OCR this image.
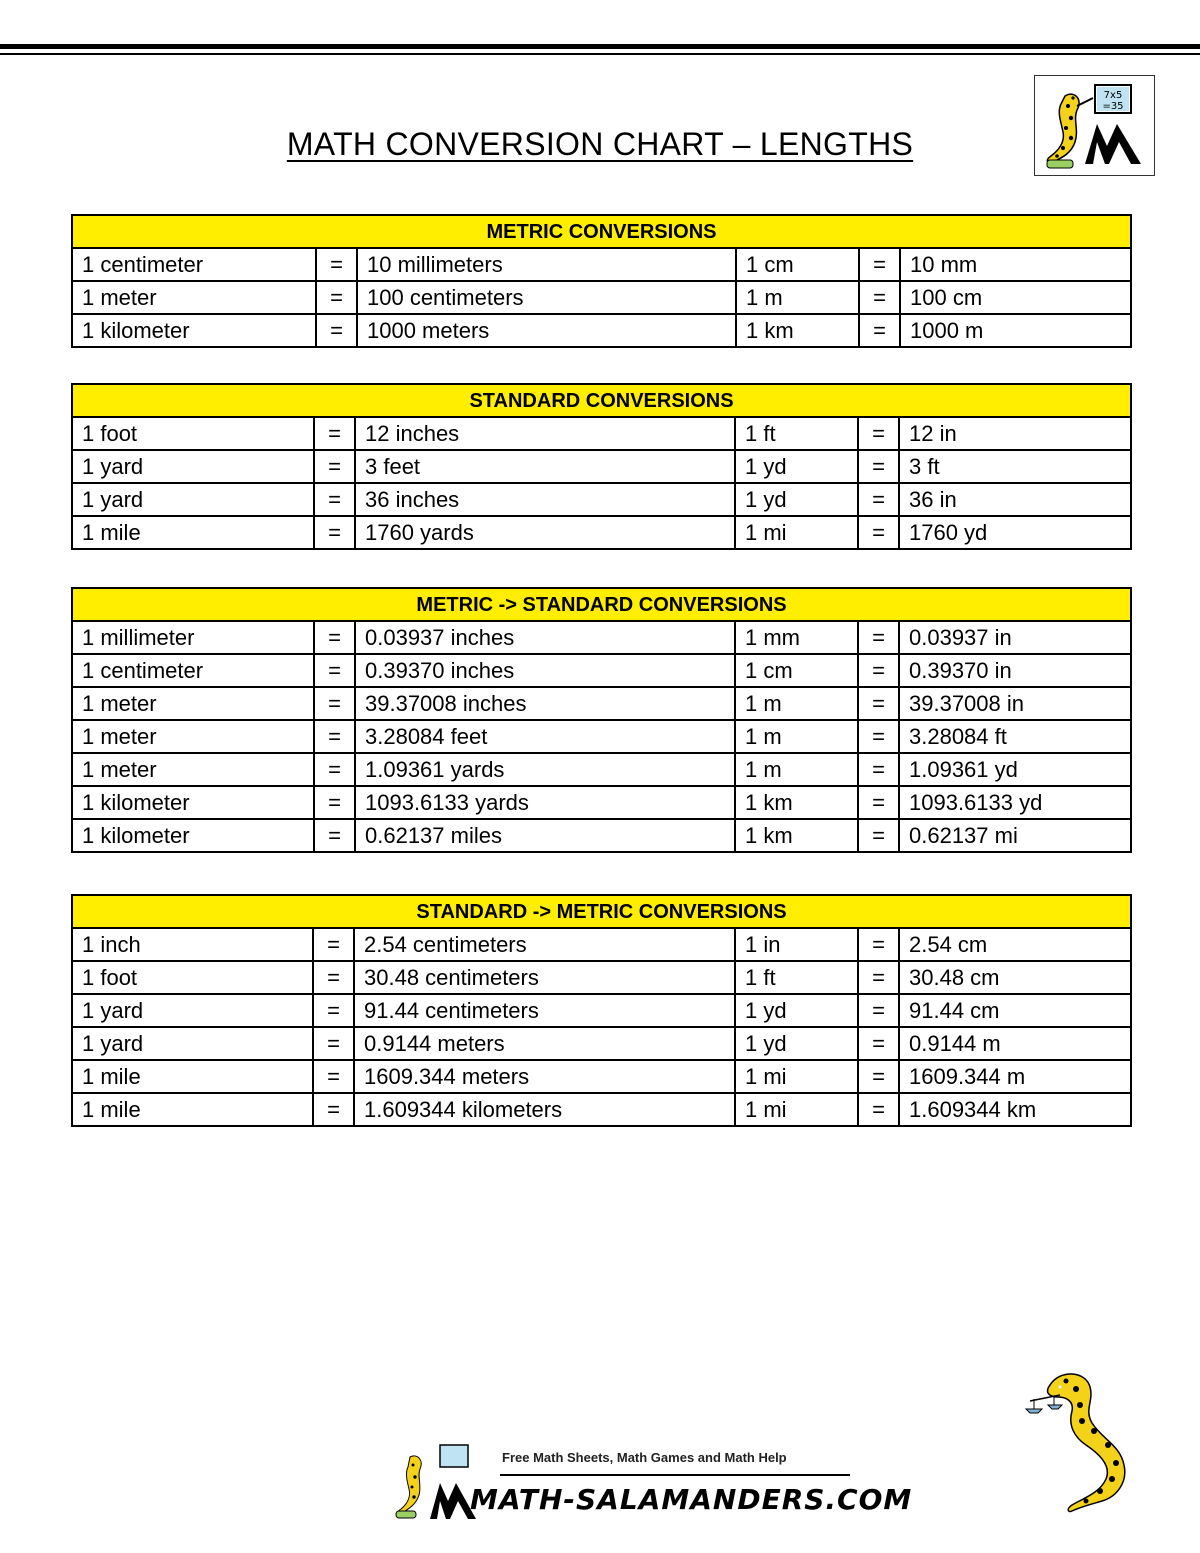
MATH CONVERSION CHART – LENGTHS
7x5
=35
METRIC CONVERSIONS					
1 centimeter	=	10 millimeters	1 cm	=	10 mm
1 meter	=	100 centimeters	1 m	=	100 cm
1 kilometer	=	1000 meters	1 km	=	1000 m
STANDARD CONVERSIONS					
1 foot	=	12 inches	1 ft	=	12 in
1 yard	=	3 feet	1 yd	=	3 ft
1 yard	=	36 inches	1 yd	=	36 in
1 mile	=	1760 yards	1 mi	=	1760 yd
METRIC -> STANDARD CONVERSIONS					
1 millimeter	=	0.03937 inches	1 mm	=	0.03937 in
1 centimeter	=	0.39370 inches	1 cm	=	0.39370 in
1 meter	=	39.37008 inches	1 m	=	39.37008 in
1 meter	=	3.28084 feet	1 m	=	3.28084 ft
1 meter	=	1.09361 yards	1 m	=	1.09361 yd
1 kilometer	=	1093.6133 yards	1 km	=	1093.6133 yd
1 kilometer	=	0.62137 miles	1 km	=	0.62137 mi
STANDARD -> METRIC CONVERSIONS					
1 inch	=	2.54 centimeters	1 in	=	2.54 cm
1 foot	=	30.48 centimeters	1 ft	=	30.48 cm
1 yard	=	91.44 centimeters	1 yd	=	91.44 cm
1 yard	=	0.9144 meters	1 yd	=	0.9144 m
1 mile	=	1609.344 meters	1 mi	=	1609.344 m
1 mile	=	1.609344 kilometers	1 mi	=	1.609344 km
Free Math Sheets, Math Games and Math Help
MATH-SALAMANDERS.COM
